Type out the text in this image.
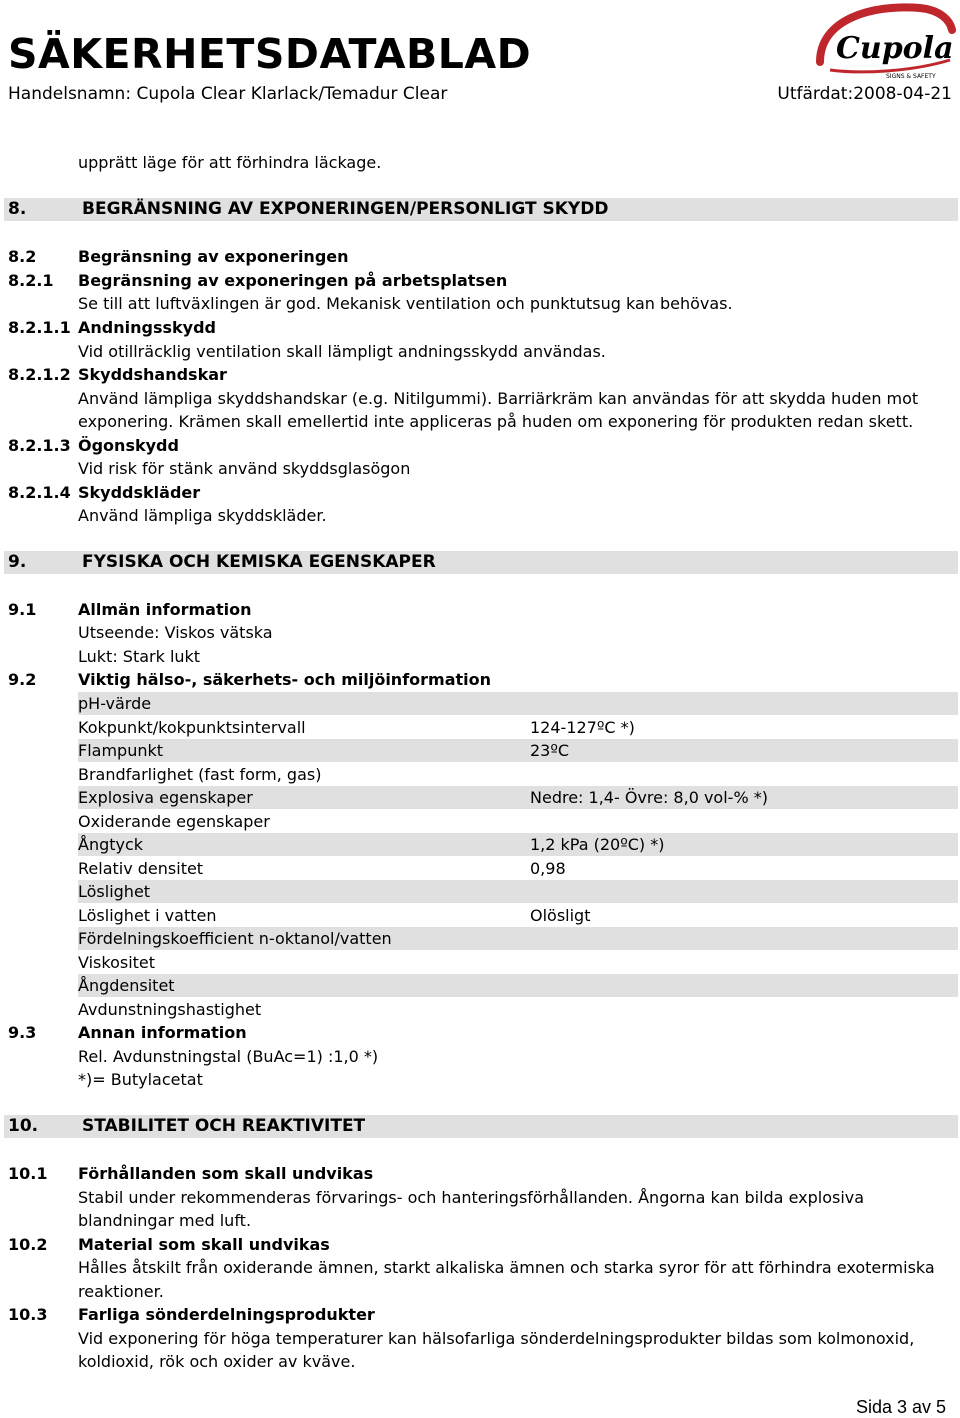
SÄKERHETSDATABLAD
Handelsnamn: Cupola Clear Klarlack/Temadur Clear	Utfärdat:2008-04-21
Cupola
SIGNS & SAFETY
upprätt läge för att förhindra läckage.
8.	BEGRÄNSNING AV EXPONERINGEN/PERSONLIGT SKYDD
8.2	Begränsning av exponeringen
8.2.1 Begränsning av exponeringen på arbetsplatsen
Se till att luftväxlingen är god. Mekanisk ventilation och punktutsug kan behövas.
8.2.1.1 Andningsskydd
Vid otillräcklig ventilation skall lämpligt andningsskydd användas.
8.2.1.2 Skyddshandskar
Använd lämpliga skyddshandskar (e.g. Nitilgummi). Barriärkräm kan användas för att skydda huden mot
exponering. Krämen skall emellertid inte appliceras på huden om exponering för produkten redan skett.
8.2.1.3 Ögonskydd
Vid risk för stänk använd skyddsglasögon
8.2.1.4 Skyddskläder
Använd lämpliga skyddskläder.
9.	FYSISKA OCH KEMISKA EGENSKAPER
9.1	Allmän information
Utseende: Viskos vätska
Lukt: Stark lukt
9.2	Viktig hälso-, säkerhets- och miljöinformation
pH-värde
Kokpunkt/kokpunktsintervall	124-127ºC *)
Flampunkt	23ºC
Brandfarlighet (fast form, gas)
Explosiva egenskaper	Nedre: 1,4- Övre: 8,0 vol-% *)
Oxiderande egenskaper
Ångtyck	1,2 kPa (20ºC) *)
Relativ densitet	0,98
Löslighet
Löslighet i vatten	Olösligt
Fördelningskoefficient n-oktanol/vatten
Viskositet
Ångdensitet
Avdunstningshastighet
9.3	Annan information
Rel. Avdunstningstal (BuAc=1) :1,0 *)
*)= Butylacetat
10.	STABILITET OCH REAKTIVITET
10.1 Förhållanden som skall undvikas
Stabil under rekommenderas förvarings- och hanteringsförhållanden. Ångorna kan bilda explosiva
blandningar med luft.
10.2 Material som skall undvikas
Hålles åtskilt från oxiderande ämnen, starkt alkaliska ämnen och starka syror för att förhindra exotermiska
reaktioner.
10.3 Farliga sönderdelningsprodukter
Vid exponering för höga temperaturer kan hälsofarliga sönderdelningsprodukter bildas som kolmonoxid,
koldioxid, rök och oxider av kväve.
Sida 3 av 5
